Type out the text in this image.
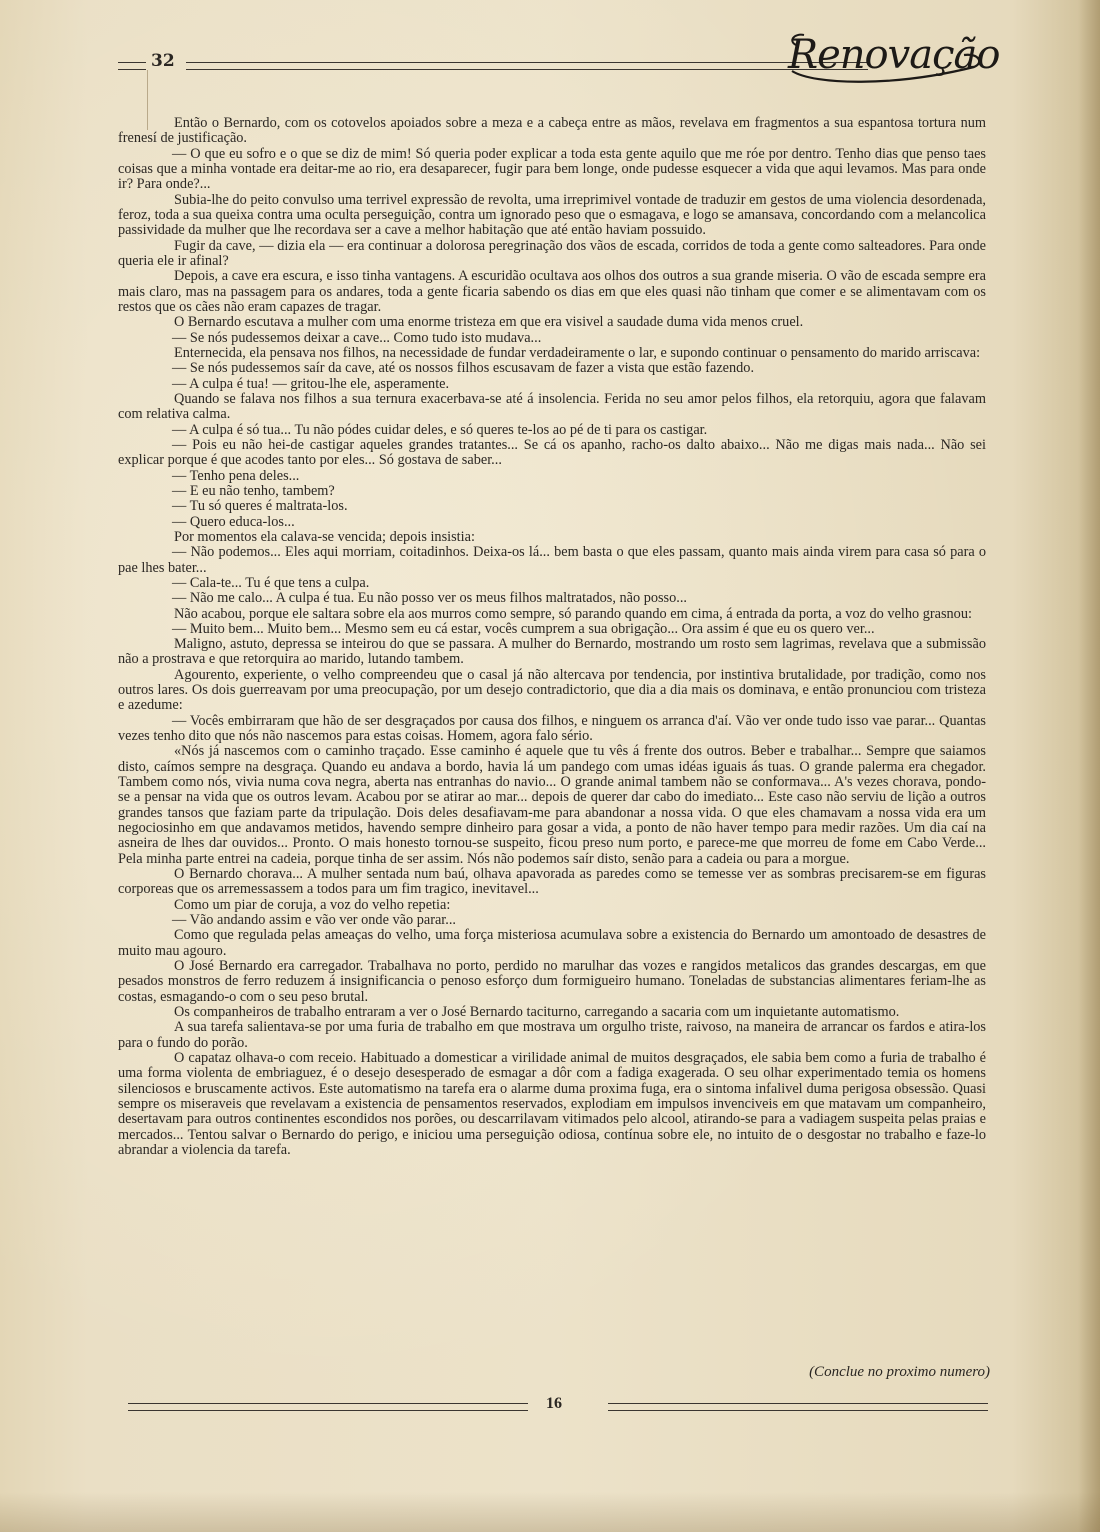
32	Renovação

Então o Bernardo, com os cotovelos apoiados sobre a meza e a cabeça entre as mãos, revelava em fragmentos a sua espantosa tortura num frenesí de justificação.

— O que eu sofro e o que se diz de mim! Só queria poder explicar a toda esta gente aquilo que me róe por dentro. Tenho dias que penso taes coisas que a minha vontade era deitar-me ao rio, era desaparecer, fugir para bem longe, onde pudesse esquecer a vida que aqui levamos. Mas para onde ir? Para onde?...

Subia-lhe do peito convulso uma terrivel expressão de revolta, uma irreprimivel vontade de traduzir em gestos de uma violencia desordenada, feroz, toda a sua queixa contra uma oculta perseguição, contra um ignorado peso que o esmagava, e logo se amansava, concordando com a melancolica passividade da mulher que lhe recordava ser a cave a melhor habitação que até então haviam possuido.

Fugir da cave, — dizia ela — era continuar a dolorosa peregrinação dos vãos de escada, corridos de toda a gente como salteadores. Para onde queria ele ir afinal?

Depois, a cave era escura, e isso tinha vantagens. A escuridão ocultava aos olhos dos outros a sua grande miseria. O vão de escada sempre era mais claro, mas na passagem para os andares, toda a gente ficaria sabendo os dias em que eles quasi não tinham que comer e se alimentavam com os restos que os cães não eram capazes de tragar.

O Bernardo escutava a mulher com uma enorme tristeza em que era visivel a saudade duma vida menos cruel.

— Se nós pudessemos deixar a cave... Como tudo isto mudava...

Enternecida, ela pensava nos filhos, na necessidade de fundar verdadeiramente o lar, e supondo continuar o pensamento do marido arriscava:

— Se nós pudessemos saír da cave, até os nossos filhos escusavam de fazer a vista que estão fazendo.

— A culpa é tua! — gritou-lhe ele, asperamente.

Quando se falava nos filhos a sua ternura exacerbava-se até á insolencia. Ferida no seu amor pelos filhos, ela retorquiu, agora que falavam com relativa calma.

— A culpa é só tua... Tu não pódes cuidar deles, e só queres te-los ao pé de ti para os castigar.

— Pois eu não hei-de castigar aqueles grandes tratantes... Se cá os apanho, racho-os dalto abaixo... Não me digas mais nada... Não sei explicar porque é que acodes tanto por eles... Só gostava de saber...

— Tenho pena deles...

— E eu não tenho, tambem?

— Tu só queres é maltrata-los.

— Quero educa-los...

Por momentos ela calava-se vencida; depois insistia:

— Não podemos... Eles aqui morriam, coitadinhos. Deixa-os lá... bem basta o que eles passam, quanto mais ainda virem para casa só para o pae lhes bater...

— Cala-te... Tu é que tens a culpa.

— Não me calo... A culpa é tua. Eu não posso ver os meus filhos maltratados, não posso...

Não acabou, porque ele saltara sobre ela aos murros como sempre, só parando quando em cima, á entrada da porta, a voz do velho grasnou:

— Muito bem... Muito bem... Mesmo sem eu cá estar, vocês cumprem a sua obrigação... Ora assim é que eu os quero ver...

Maligno, astuto, depressa se inteirou do que se passara. A mulher do Bernardo, mostrando um rosto sem lagrimas, revelava que a submissão não a prostrava e que retorquira ao marido, lutando tambem.

Agourento, experiente, o velho compreendeu que o casal já não altercava por tendencia, por instintiva brutalidade, por tradição, como nos outros lares. Os dois guerreavam por uma preocupação, por um desejo contradictorio, que dia a dia mais os dominava, e então pronunciou com tristeza e azedume:

— Vocês embirraram que hão de ser desgraçados por causa dos filhos, e ninguem os arranca d'aí. Vão ver onde tudo isso vae parar... Quantas vezes tenho dito que nós não nascemos para estas coisas. Homem, agora falo sério.

«Nós já nascemos com o caminho traçado. Esse caminho é aquele que tu vês á frente dos outros. Beber e trabalhar... Sempre que saiamos disto, caímos sempre na desgraça. Quando eu andava a bordo, havia lá um pandego com umas idéas iguais ás tuas. O grande palerma era chegador. Tambem como nós, vivia numa cova negra, aberta nas entranhas do navio... O grande animal tambem não se conformava... A's vezes chorava, pondo-se a pensar na vida que os outros levam. Acabou por se atirar ao mar... depois de querer dar cabo do imediato... Este caso não serviu de lição a outros grandes tansos que faziam parte da tripulação. Dois deles desafiavam-me para abandonar a nossa vida. O que eles chamavam a nossa vida era um negociosinho em que andavamos metidos, havendo sempre dinheiro para gosar a vida, a ponto de não haver tempo para medir razões. Um dia caí na asneira de lhes dar ouvidos... Pronto. O mais honesto tornou-se suspeito, ficou preso num porto, e parece-me que morreu de fome em Cabo Verde... Pela minha parte entrei na cadeia, porque tinha de ser assim. Nós não podemos saír disto, senão para a cadeia ou para a morgue.

O Bernardo chorava... A mulher sentada num baú, olhava apavorada as paredes como se temesse ver as sombras precisarem-se em figuras corporeas que os arremessassem a todos para um fim tragico, inevitavel...

Como um piar de coruja, a voz do velho repetia:

— Vão andando assim e vão ver onde vão parar...

Como que regulada pelas ameaças do velho, uma força misteriosa acumulava sobre a existencia do Bernardo um amontoado de desastres de muito mau agouro.

O José Bernardo era carregador. Trabalhava no porto, perdido no marulhar das vozes e rangidos metalicos das grandes descargas, em que pesados monstros de ferro reduzem á insignificancia o penoso esforço dum formigueiro humano. Toneladas de substancias alimentares feriam-lhe as costas, esmagando-o com o seu peso brutal.

Os companheiros de trabalho entraram a ver o José Bernardo taciturno, carregando a sacaria com um inquietante automatismo.

A sua tarefa salientava-se por uma furia de trabalho em que mostrava um orgulho triste, raivoso, na maneira de arrancar os fardos e atira-los para o fundo do porão.

O capataz olhava-o com receio. Habituado a domesticar a virilidade animal de muitos desgraçados, ele sabia bem como a furia de trabalho é uma forma violenta de embriaguez, é o desejo desesperado de esmagar a dôr com a fadiga exagerada. O seu olhar experimentado temia os homens silenciosos e bruscamente activos. Este automatismo na tarefa era o alarme duma proxima fuga, era o sintoma infalivel duma perigosa obsessão. Quasi sempre os miseraveis que revelavam a existencia de pensamentos reservados, explodiam em impulsos invenciveis em que matavam um companheiro, desertavam para outros continentes escondidos nos porões, ou descarrilavam vitimados pelo alcool, atirando-se para a vadiagem suspeita pelas praias e mercados... Tentou salvar o Bernardo do perigo, e iniciou uma perseguição odiosa, contínua sobre ele, no intuito de o desgostar no trabalho e faze-lo abrandar a violencia da tarefa.

(Conclue no proximo numero)
16
